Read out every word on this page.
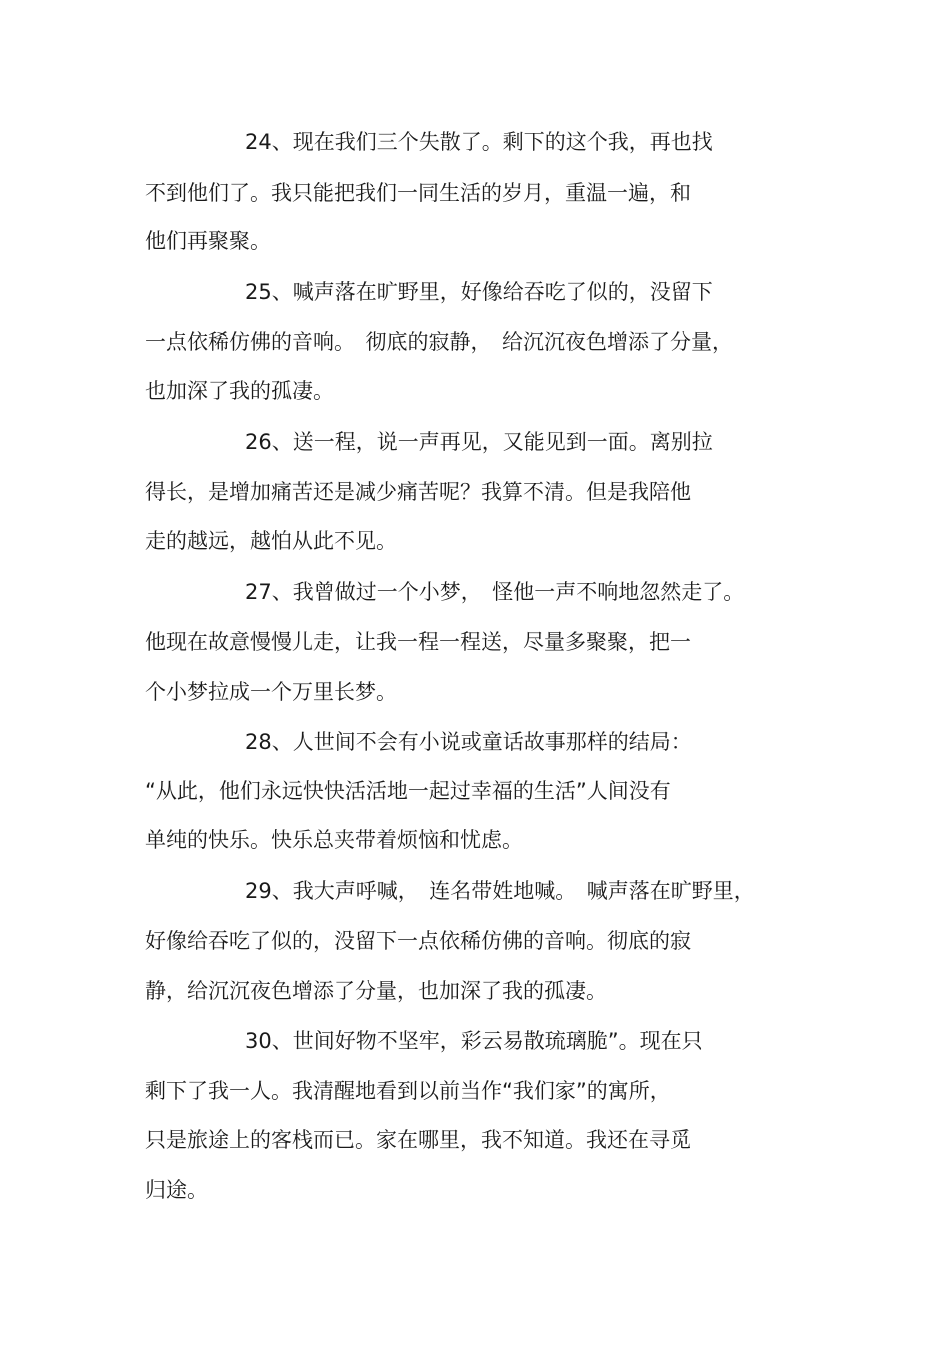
24、现在我们三个失散了。剩下的这个我，再也找
不到他们了。我只能把我们一同生活的岁月，重温一遍，和
他们再聚聚。
25、喊声落在旷野里，好像给吞吃了似的，没留下
一点依稀仿佛的音响。　彻底的寂静，　给沉沉夜色增添了分量，
也加深了我的孤凄。
26、送一程，说一声再见，又能见到一面。离别拉
得长，是增加痛苦还是减少痛苦呢？我算不清。但是我陪他
走的越远，越怕从此不见。
27、我曾做过一个小梦，　怪他一声不响地忽然走了。
他现在故意慢慢儿走，让我一程一程送，尽量多聚聚，把一
个小梦拉成一个万里长梦。
28、人世间不会有小说或童话故事那样的结局：
“从此，他们永远快快活活地一起过幸福的生活”人间没有
单纯的快乐。快乐总夹带着烦恼和忧虑。
29、我大声呼喊，　连名带姓地喊。　喊声落在旷野里，
好像给吞吃了似的，没留下一点依稀仿佛的音响。彻底的寂
静，给沉沉夜色增添了分量，也加深了我的孤凄。
30、世间好物不坚牢，彩云易散琉璃脆”。现在只
剩下了我一人。我清醒地看到以前当作“我们家”的寓所，
只是旅途上的客栈而已。家在哪里，我不知道。我还在寻觅
归途。
